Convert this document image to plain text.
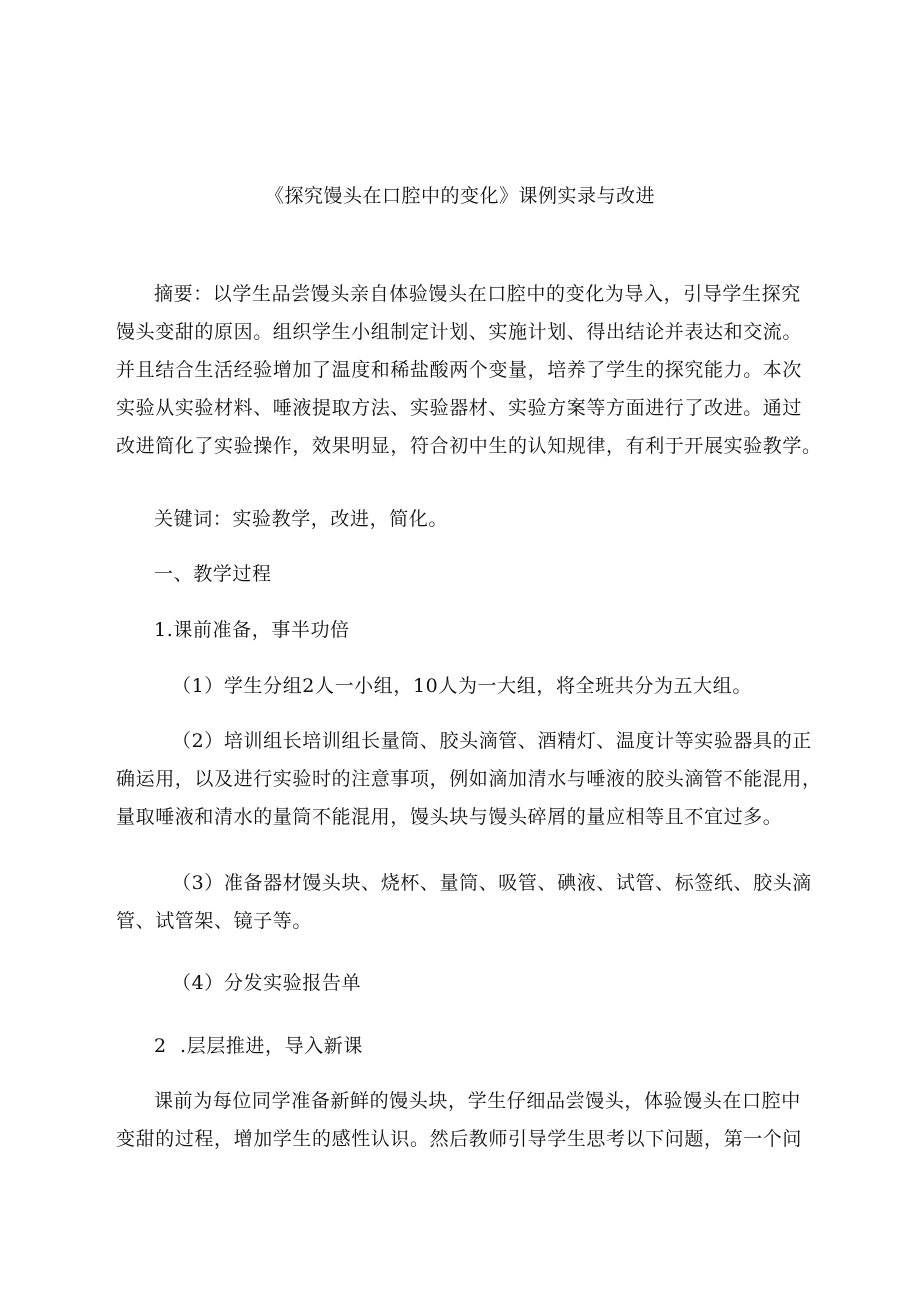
《探究馒头在口腔中的变化》课例实录与改进
摘要：以学生品尝馒头亲自体验馒头在口腔中的变化为导入，引导学生探究
馒头变甜的原因。组织学生小组制定计划、实施计划、得出结论并表达和交流。
并且结合生活经验增加了温度和稀盐酸两个变量，培养了学生的探究能力。本次
实验从实验材料、唾液提取方法、实验器材、实验方案等方面进行了改进。通过
改进简化了实验操作，效果明显，符合初中生的认知规律，有利于开展实验教学。

关键词：实验教学，改进，简化。

一、教学过程

1.课前准备，事半功倍

（1）学生分组2人一小组，10人为一大组，将全班共分为五大组。

（2）培训组长培训组长量筒、胶头滴管、酒精灯、温度计等实验器具的正
确运用，以及进行实验时的注意事项，例如滴加清水与唾液的胶头滴管不能混用，
量取唾液和清水的量筒不能混用，馒头块与馒头碎屑的量应相等且不宜过多。
（3）准备器材馒头块、烧杯、量筒、吸管、碘液、试管、标签纸、胶头滴
管、试管架、镜子等。

（4）分发实验报告单

2  .层层推进，导入新课

课前为每位同学准备新鲜的馒头块，学生仔细品尝馒头，体验馒头在口腔中
变甜的过程，增加学生的感性认识。然后教师引导学生思考以下问题，第一个问
